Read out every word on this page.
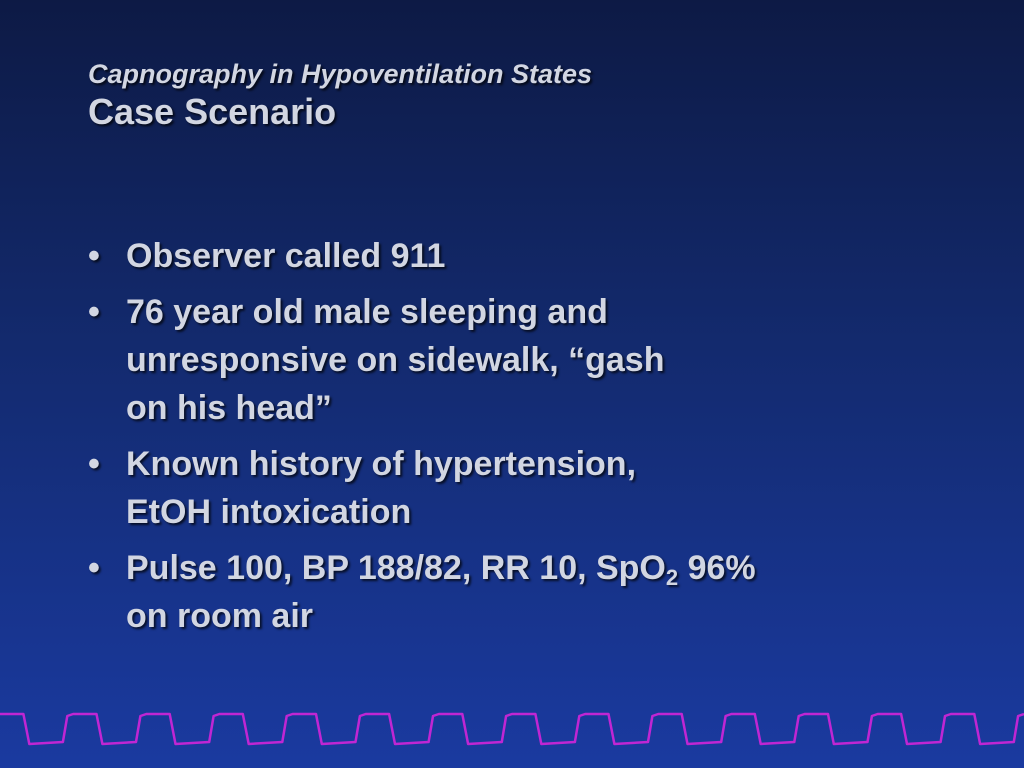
Capnography in Hypoventilation States
Case Scenario
• Observer called 911
• 76 year old male sleeping and
unresponsive on sidewalk, “gash
on his head”
• Known history of hypertension,
EtOH intoxication
• Pulse 100, BP 188/82, RR 10, SpO$_2$ 96%
on room air
